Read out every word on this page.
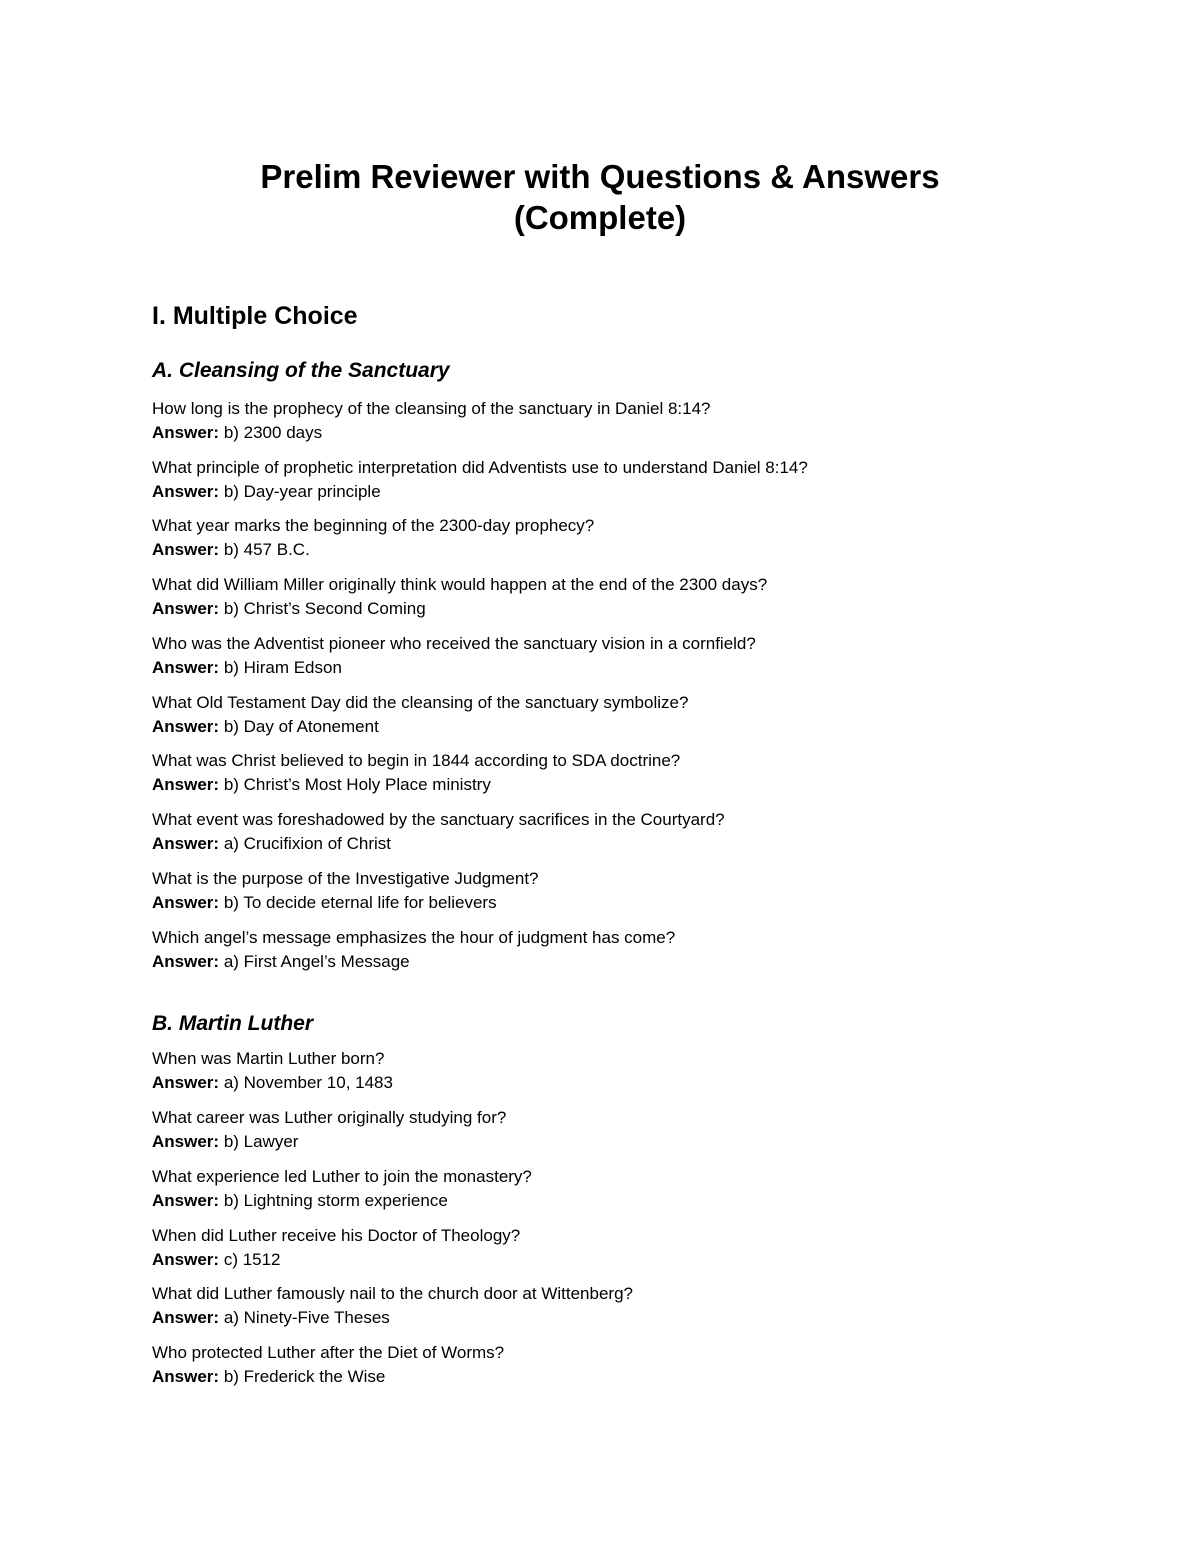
Prelim Reviewer with Questions & Answers
(Complete)
I. Multiple Choice
A. Cleansing of the Sanctuary

How long is the prophecy of the cleansing of the sanctuary in Daniel 8:14?
Answer: b) 2300 days

What principle of prophetic interpretation did Adventists use to understand Daniel 8:14?
Answer: b) Day-year principle

What year marks the beginning of the 2300-day prophecy?
Answer: b) 457 B.C.

What did William Miller originally think would happen at the end of the 2300 days?
Answer: b) Christ’s Second Coming

Who was the Adventist pioneer who received the sanctuary vision in a cornfield?
Answer: b) Hiram Edson

What Old Testament Day did the cleansing of the sanctuary symbolize?
Answer: b) Day of Atonement

What was Christ believed to begin in 1844 according to SDA doctrine?
Answer: b) Christ’s Most Holy Place ministry

What event was foreshadowed by the sanctuary sacrifices in the Courtyard?
Answer: a) Crucifixion of Christ

What is the purpose of the Investigative Judgment?
Answer: b) To decide eternal life for believers

Which angel’s message emphasizes the hour of judgment has come?
Answer: a) First Angel’s Message

B. Martin Luther

When was Martin Luther born?
Answer: a) November 10, 1483

What career was Luther originally studying for?
Answer: b) Lawyer

What experience led Luther to join the monastery?
Answer: b) Lightning storm experience

When did Luther receive his Doctor of Theology?
Answer: c) 1512

What did Luther famously nail to the church door at Wittenberg?
Answer: a) Ninety-Five Theses

Who protected Luther after the Diet of Worms?
Answer: b) Frederick the Wise
